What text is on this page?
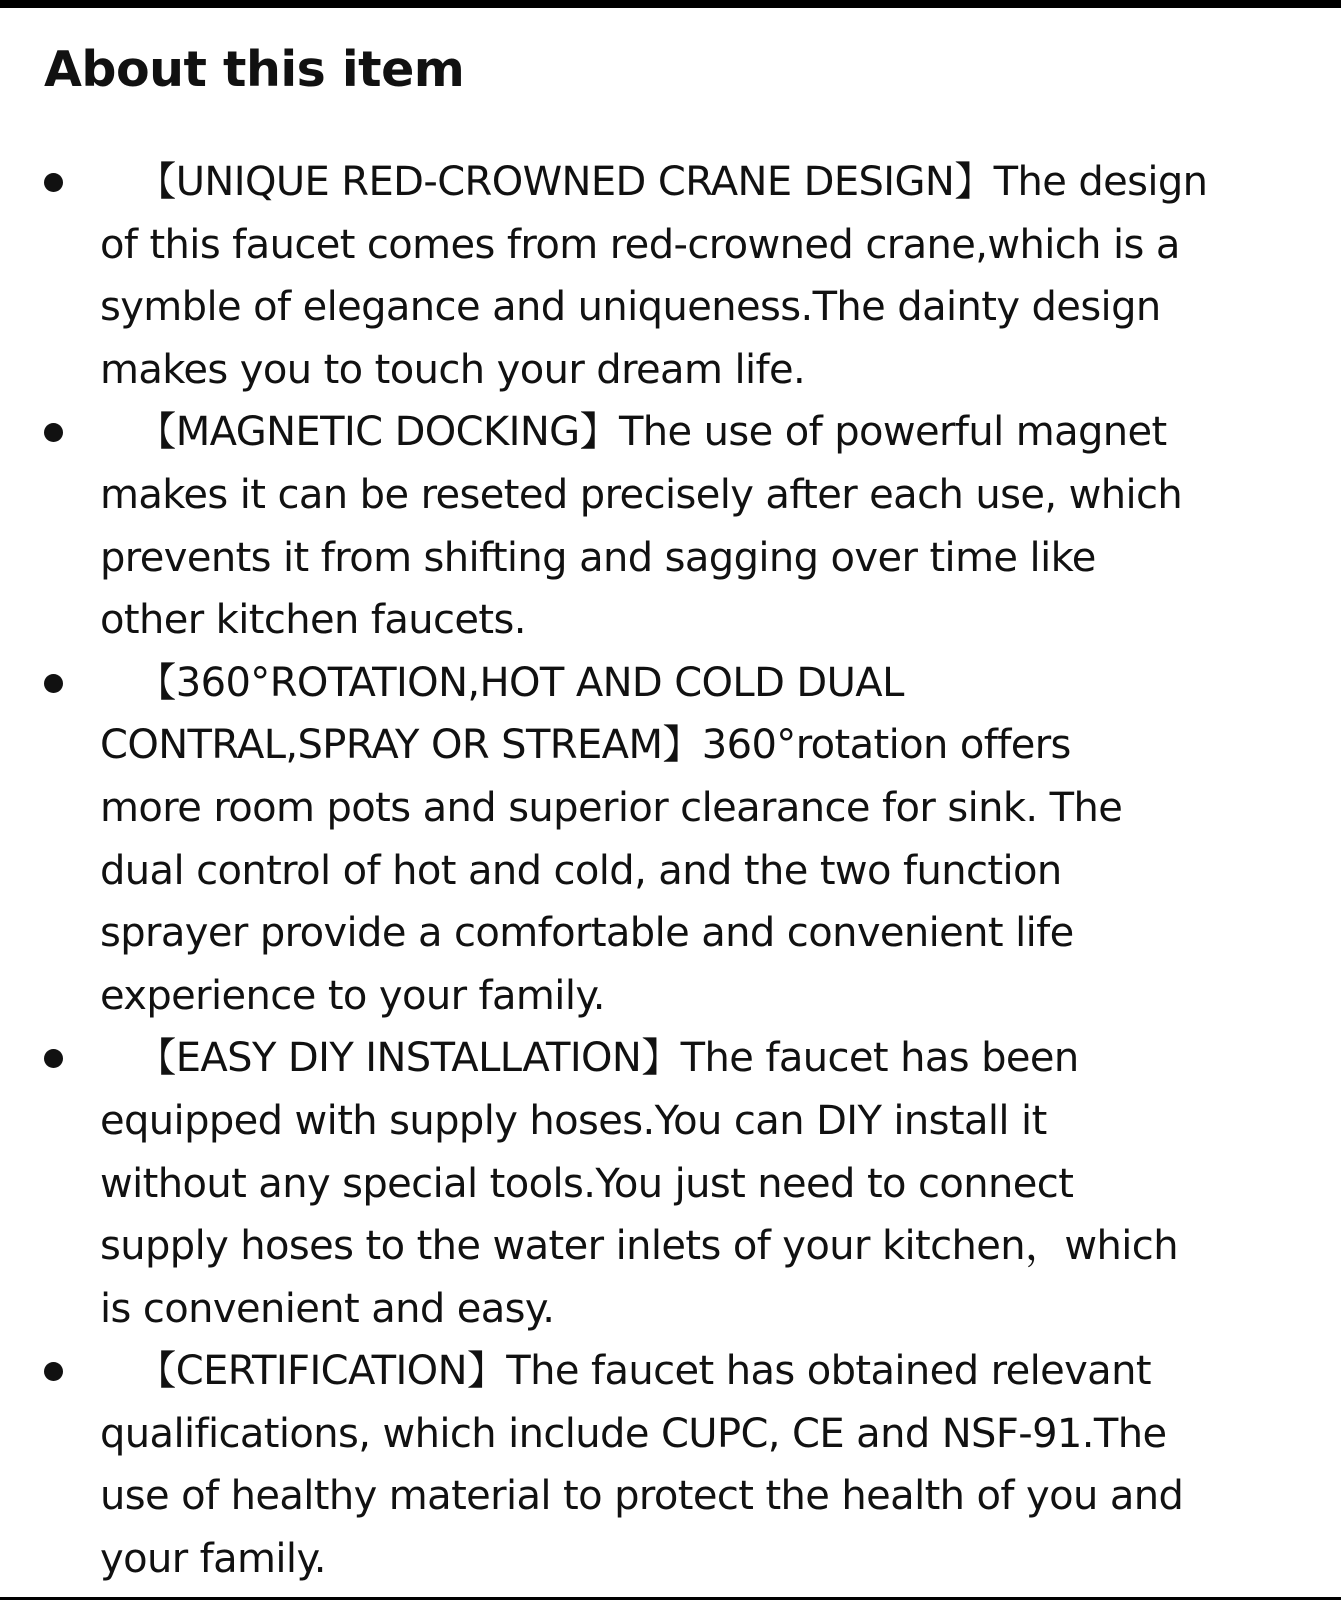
About this item
【UNIQUE RED-CROWNED CRANE DESIGN】The design
of this faucet comes from red-crowned crane,which is a
symble of elegance and uniqueness.The dainty design
makes you to touch your dream life.
【MAGNETIC DOCKING】The use of powerful magnet
makes it can be reseted precisely after each use, which
prevents it from shifting and sagging over time like
other kitchen faucets.
【360°ROTATION,HOT AND COLD DUAL
CONTRAL,SPRAY OR STREAM】360°rotation offers
more room pots and superior clearance for sink. The
dual control of hot and cold, and the two function
sprayer provide a comfortable and convenient life
experience to your family.
【EASY DIY INSTALLATION】The faucet has been
equipped with supply hoses.You can DIY install it
without any special tools.You just need to connect
supply hoses to the water inlets of your kitchen，which
is convenient and easy.
【CERTIFICATION】The faucet has obtained relevant
qualifications, which include CUPC, CE and NSF-91.The
use of healthy material to protect the health of you and
your family.
